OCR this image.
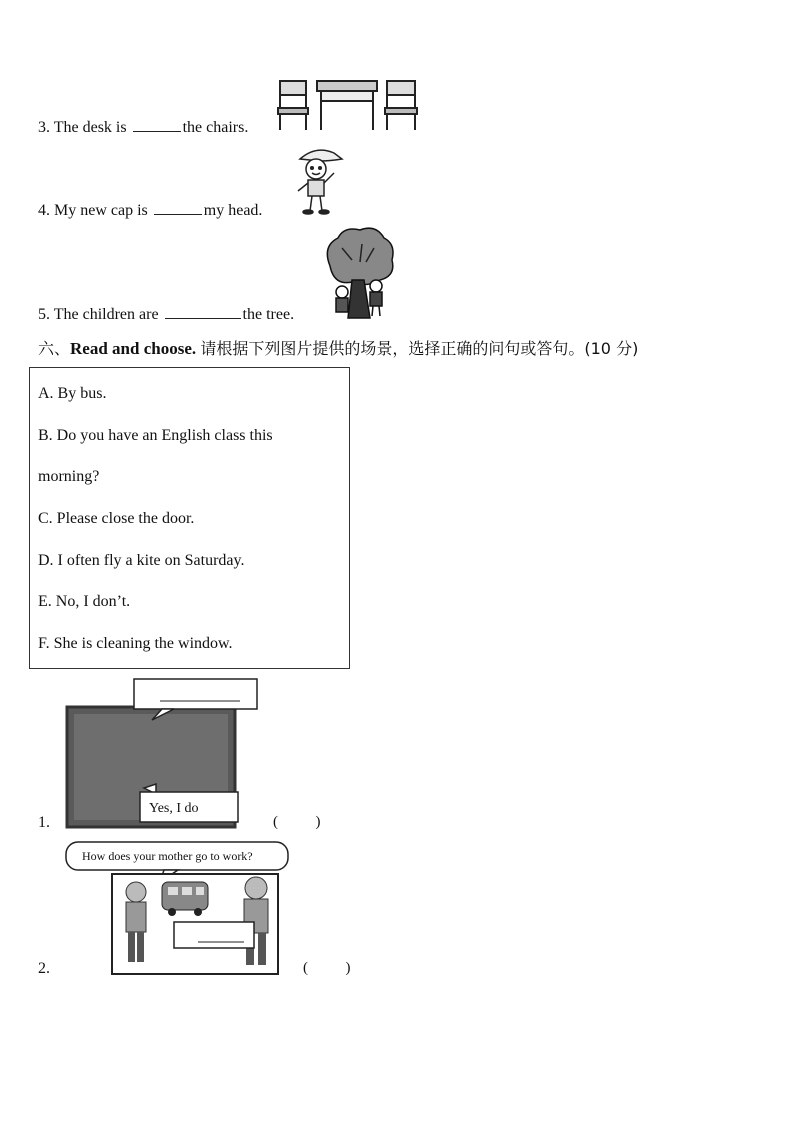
3. The desk is	the chairs.
4. My new cap is	my head.
5. The children are	the tree.
六、Read and choose. 请根据下列图片提供的场景，选择正确的问句或答句。(10 分)
A. By bus.
B. Do you have an English class this
morning?
C. Please close the door.
D. I often fly a kite on Saturday.
E. No, I don’t.
F. She is cleaning the window.
1.
Yes, I do
(          )
2.
How does your mother go to work?
(          )
